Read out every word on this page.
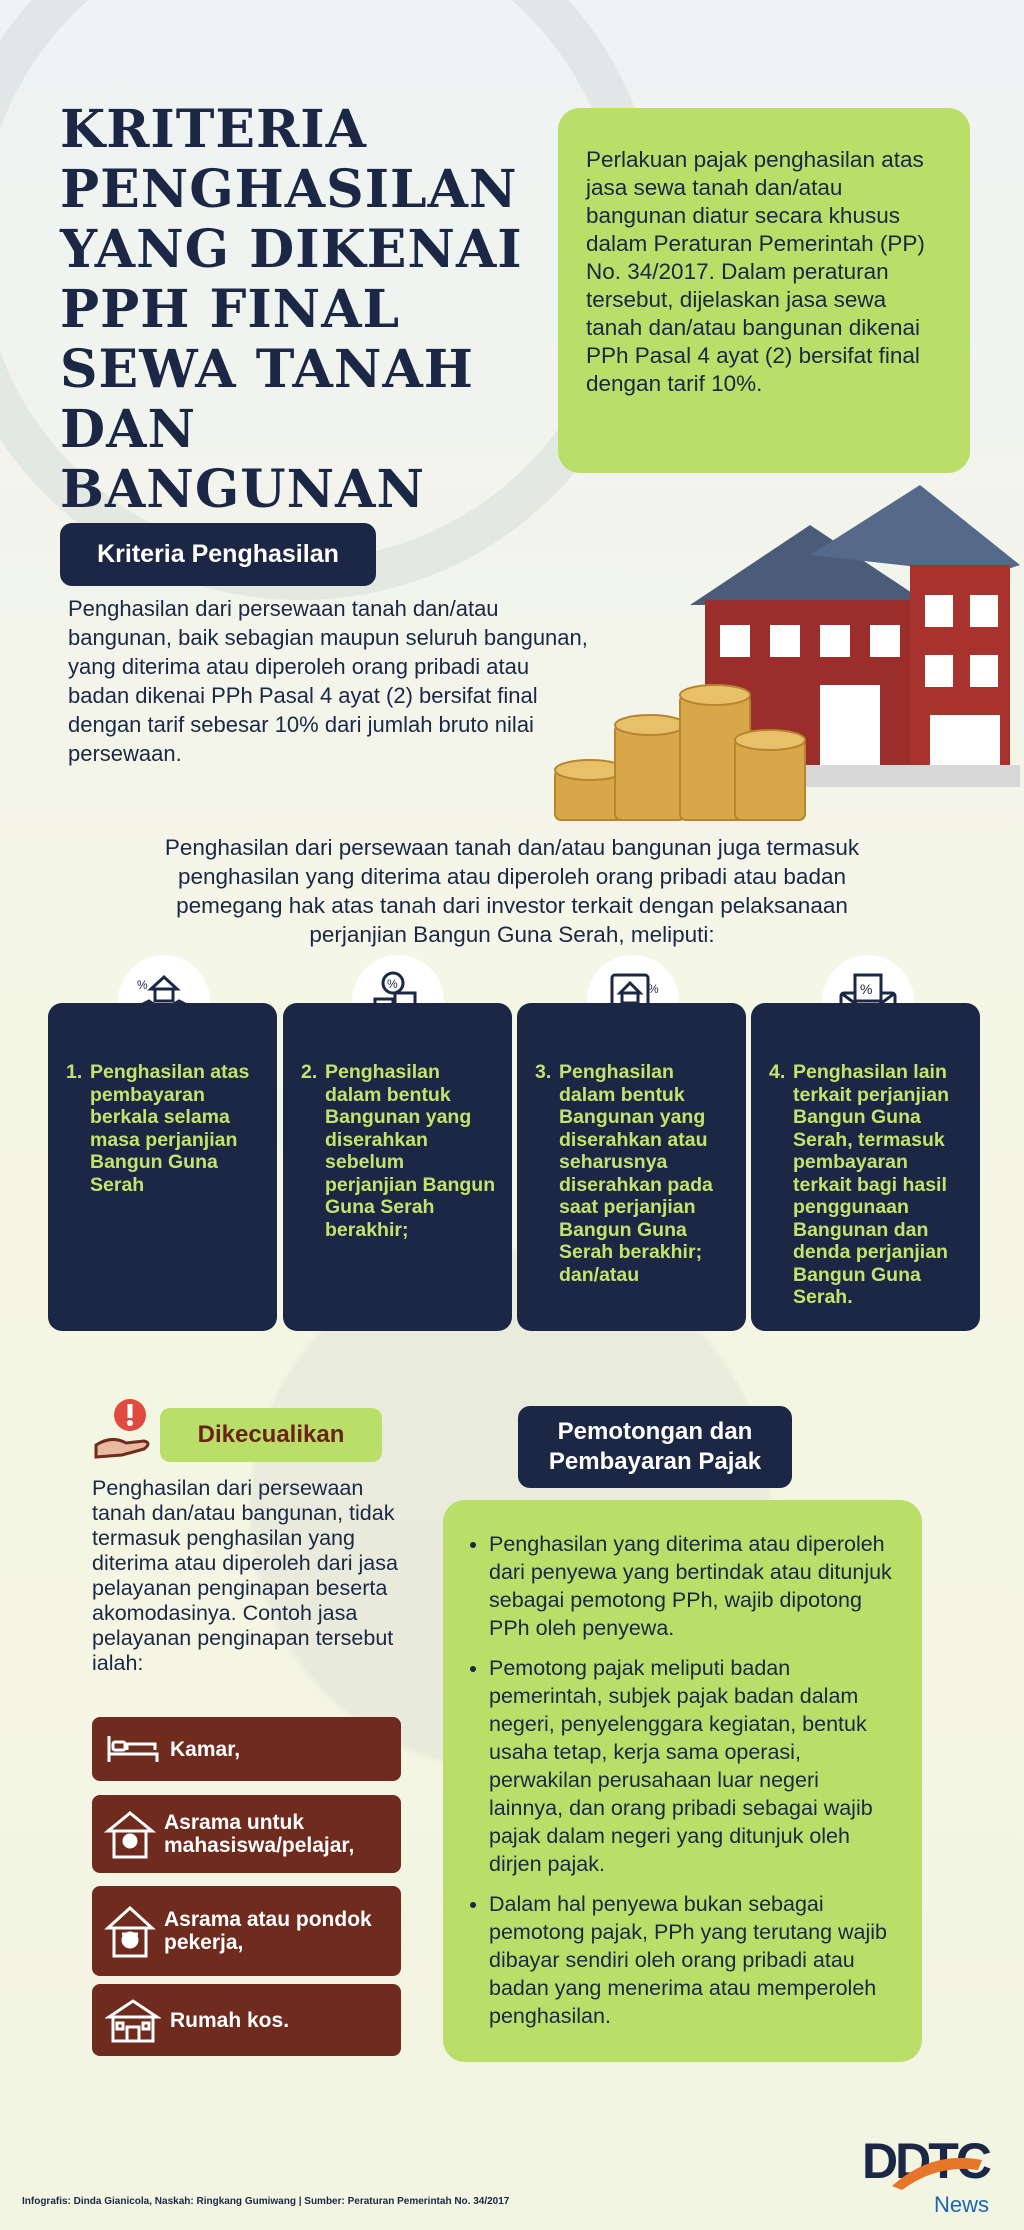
KRITERIA
PENGHASILAN
YANG DIKENAI
PPH FINAL
SEWA TANAH
DAN BANGUNAN
Perlakuan pajak penghasilan atas jasa sewa tanah dan/atau bangunan diatur secara khusus dalam Peraturan Pemerintah (PP) No. 34/2017. Dalam peraturan tersebut, dijelaskan jasa sewa tanah dan/atau bangunan dikenai PPh Pasal 4 ayat (2) bersifat final dengan tarif 10%.
Kriteria Penghasilan
Penghasilan dari persewaan tanah dan/atau bangunan, baik sebagian maupun seluruh bangunan, yang diterima atau diperoleh orang pribadi atau badan dikenai PPh Pasal 4 ayat (2) bersifat final dengan tarif sebesar 10% dari jumlah bruto nilai persewaan.
Penghasilan dari persewaan tanah dan/atau bangunan juga termasuk penghasilan yang diterima atau diperoleh orang pribadi atau badan pemegang hak atas tanah dari investor terkait dengan pelaksanaan perjanjian Bangun Guna Serah, meliputi:
%	%	%	%
1. Penghasilan atas pembayaran berkala selama masa perjanjian Bangun Guna Serah
2. Penghasilan dalam bentuk Bangunan yang diserahkan sebelum perjanjian Bangun Guna Serah berakhir;
3. Penghasilan dalam bentuk Bangunan yang diserahkan atau seharusnya diserahkan pada saat perjanjian Bangun Guna Serah berakhir; dan/atau
4. Penghasilan lain terkait perjanjian Bangun Guna Serah, termasuk pembayaran terkait bagi hasil penggunaan Bangunan dan denda perjanjian Bangun Guna Serah.
Dikecualikan
Penghasilan dari persewaan tanah dan/atau bangunan, tidak termasuk penghasilan yang diterima atau diperoleh dari jasa pelayanan penginapan beserta akomodasinya. Contoh jasa pelayanan penginapan tersebut ialah:
Kamar,
Asrama untuk mahasiswa/pelajar,
Asrama atau pondok pekerja,
Rumah kos.
Pemotongan dan Pembayaran Pajak
• Penghasilan yang diterima atau diperoleh dari penyewa yang bertindak atau ditunjuk sebagai pemotong PPh, wajib dipotong PPh oleh penyewa.
• Pemotong pajak meliputi badan pemerintah, subjek pajak badan dalam negeri, penyelenggara kegiatan, bentuk usaha tetap, kerja sama operasi, perwakilan perusahaan luar negeri lainnya, dan orang pribadi sebagai wajib pajak dalam negeri yang ditunjuk oleh dirjen pajak.
• Dalam hal penyewa bukan sebagai pemotong pajak, PPh yang terutang wajib dibayar sendiri oleh orang pribadi atau badan yang menerima atau memperoleh penghasilan.
DDTC
News
Infografis: Dinda Gianicola, Naskah: Ringkang Gumiwang | Sumber: Peraturan Pemerintah No. 34/2017
